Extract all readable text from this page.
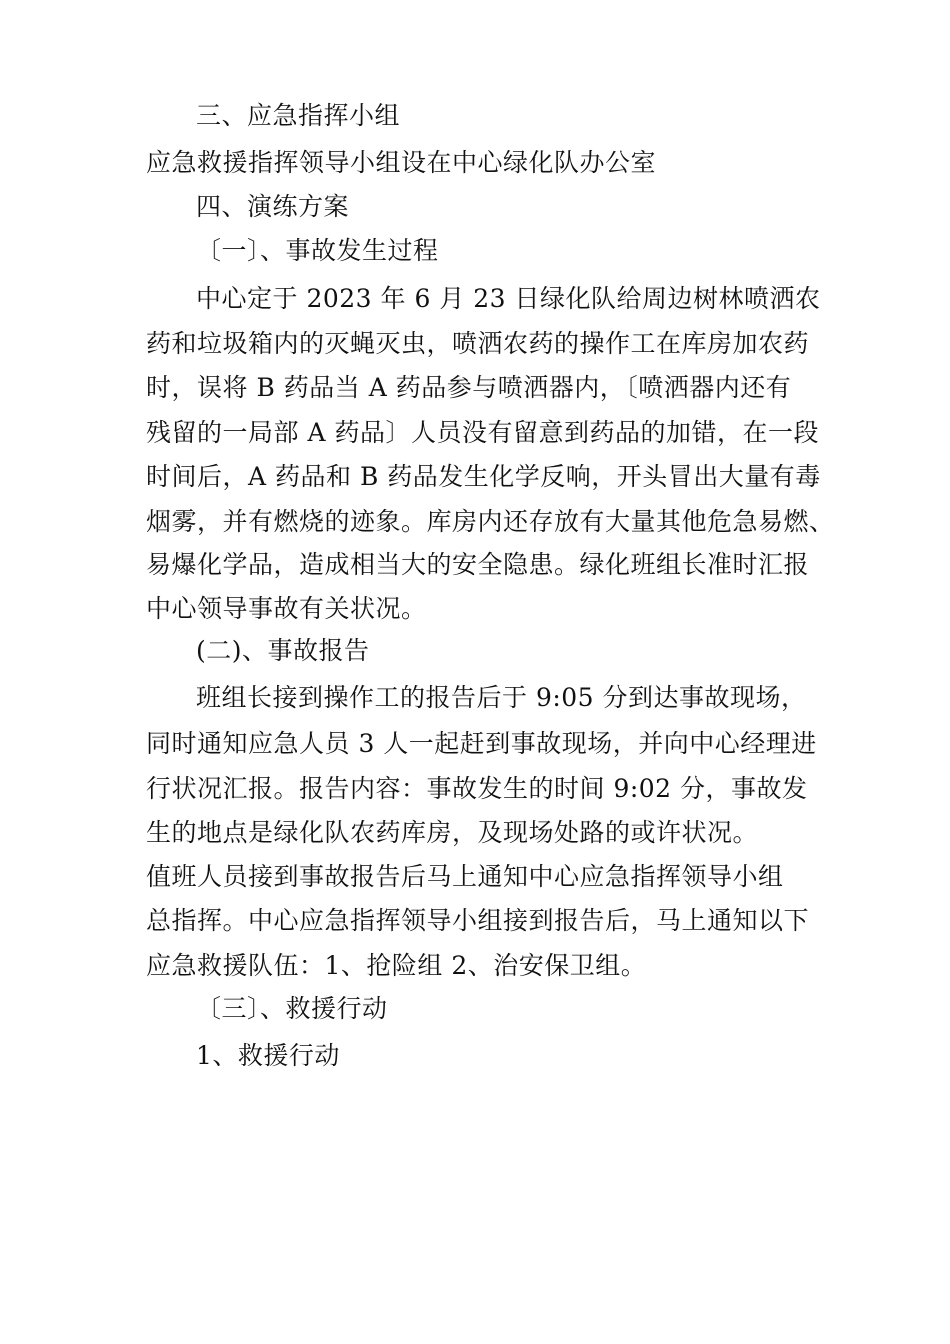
三、应急指挥小组
应急救援指挥领导小组设在中心绿化队办公室
四、演练方案
〔一〕、事故发生过程
中心定于 2023 年 6 月 23 日绿化队给周边树林喷洒农
药和垃圾箱内的灭蝇灭虫，喷洒农药的操作工在库房加农药
时，误将 B 药品当 A 药品参与喷洒器内，〔喷洒器内还有
残留的一局部 A 药品〕人员没有留意到药品的加错，在一段
时间后，A 药品和 B 药品发生化学反响，开头冒出大量有毒
烟雾，并有燃烧的迹象。库房内还存放有大量其他危急易燃、
易爆化学品，造成相当大的安全隐患。绿化班组长准时汇报
中心领导事故有关状况。
(二)、事故报告
班组长接到操作工的报告后于 9:05 分到达事故现场，
同时通知应急人员 3 人一起赶到事故现场，并向中心经理进
行状况汇报。报告内容：事故发生的时间 9:02 分，事故发
生的地点是绿化队农药库房，及现场处路的或许状况。
值班人员接到事故报告后马上通知中心应急指挥领导小组
总指挥。中心应急指挥领导小组接到报告后，马上通知以下
应急救援队伍：1、抢险组 2、治安保卫组。
〔三〕、救援行动
1、救援行动
